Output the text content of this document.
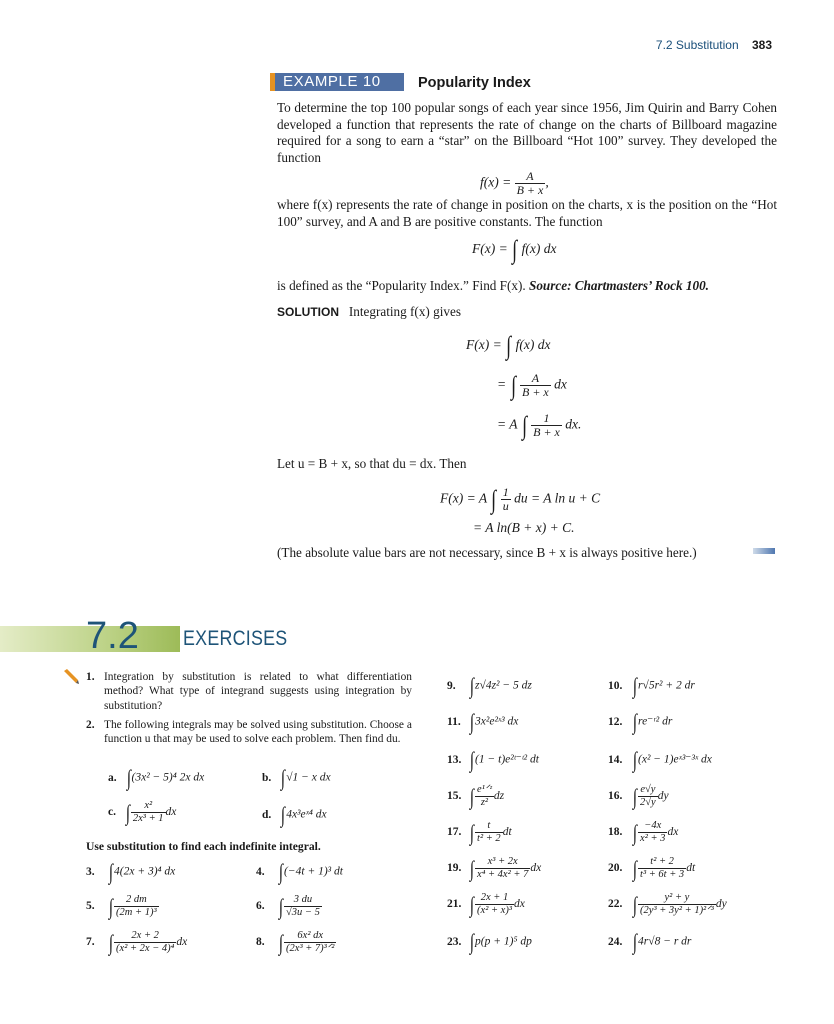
7.2 Substitution 383
EXAMPLE 10	Popularity Index
To determine the top 100 popular songs of each year since 1956, Jim Quirin and Barry Cohen developed a function that represents the rate of change on the charts of Billboard magazine required for a song to earn a “star” on the Billboard “Hot 100” survey. They developed the function
$f(x) = \frac{A}{B + x}$ ,
where f(x) represents the rate of change in position on the charts, x is the position on the “Hot 100” survey, and A and B are positive constants. The function
F(x) = ∫ f(x) dx
is defined as the “Popularity Index.” Find F(x). Source: Chartmasters’ Rock 100.
SOLUTION Integrating f(x) gives
F(x) = ∫ f(x) dx
= ∫ $\frac{A}{B + x}$ dx
= A ∫ $\frac{1}{B + x}$ dx.
Let u = B + x, so that du = dx. Then
F(x) = A ∫ $\frac{1}{u}$ du = A ln u + C
= A ln(B + x) + C.
(The absolute value bars are not necessary, since B + x is always positive here.)
7.2 EXERCISES
1. Integration by substitution is related to what differentiation method? What type of integrand suggests using integration by substitution?
2. The following integrals may be solved using substitution. Choose a function u that may be used to solve each problem. Then find du.
a. ∫(3x² − 5)⁴ 2x dx	b. ∫√1 − x dx
c. ∫ $\frac{\text{x²}}{\text{2x³ + 1}}$ dx	d. ∫4x³eˣ⁴ dx
Use substitution to find each indefinite integral.
3. ∫4(2x + 3)⁴ dx	4. ∫(−4t + 1)³ dt
5. ∫ $\frac{2 dm}{\text{(2m + 1)³}}$	6. ∫ $\frac{3 du}{√3u - 5}$
7. ∫ $\frac{2x + 2}{\text{(x² + 2x − 4)⁴}}$ dx	8. ∫ $\frac{\text{6x² dx}}{\text{(2x³ + 7)³ᐟ²}}$
9. ∫z√4z² − 5 dz	10. ∫r√5r² + 2 dr
11. ∫3x²e²ˣ³ dx	12. ∫re⁻ʳ² dr
13. ∫(1 − t)e²ᵗ⁻ᵗ² dt	14. ∫(x² − 1)eˣ³⁻³ˣ dx
15. ∫ $\frac{\text{e¹ᐟᶻ}}{\text{z²}}$ dz	16. ∫ $\frac{e√y}{2√y}$ dy
17. ∫ $\frac{t}{\text{t² + 2}}$ dt	18. ∫ $\frac{-4x}{\text{x² + 3}}$ dx
19. ∫ $\frac{\text{x³ + 2x}}{\text{x⁴ + 4x² + 7}}$ dx	20. ∫ $\frac{\text{t² + 2}}{\text{t³ + 6t + 3}}$ dt
21. ∫ $\frac{2x + 1}{\text{(x² + x)³}}$ dx	22. ∫ $\frac{\text{y² + y}}{\text{(2y³ + 3y² + 1)²ᐟ³}}$ dy
23. ∫p(p + 1)⁵ dp	24. ∫4r√8 − r dr
